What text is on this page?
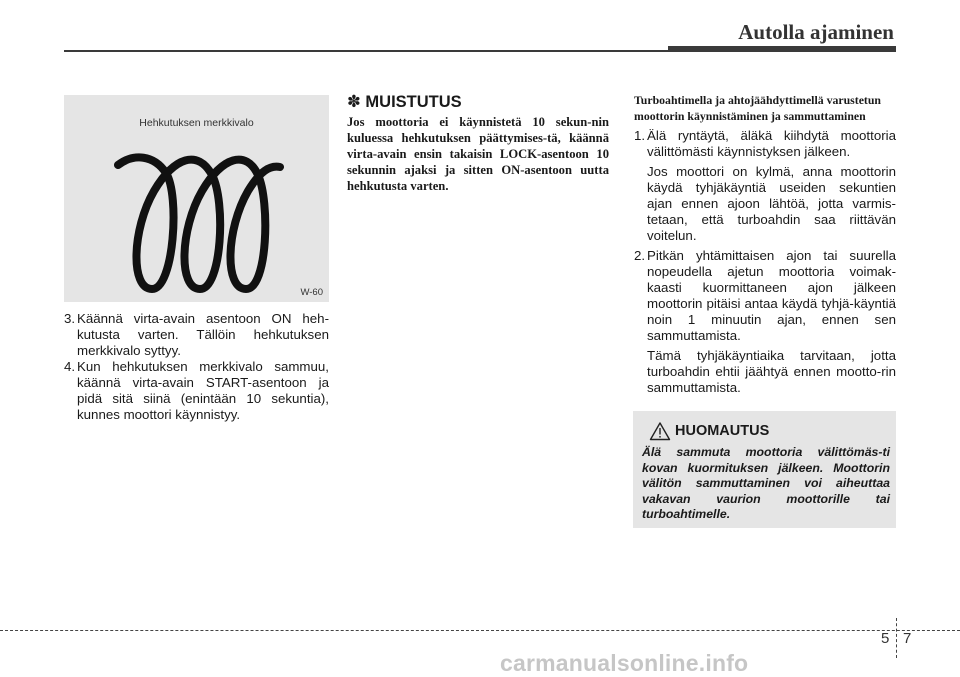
Autolla ajaminen
Hehkutuksen merkkivalo
W-60
3. Käännä virta-avain asentoon ON heh-kutusta varten. Tällöin hehkutuksen merkkivalo syttyy.
4. Kun hehkutuksen merkkivalo sammuu, käännä virta-avain START-asentoon ja pidä sitä siinä (enintään 10 sekuntia), kunnes moottori käynnistyy.
✽ MUISTUTUS
Jos moottoria ei käynnistetä 10 sekun-nin kuluessa hehkutuksen päättymises-tä, käännä virta-avain ensin takaisin LOCK-asentoon 10 sekunnin ajaksi ja sitten ON-asentoon uutta hehkutusta varten.
Turboahtimella ja ahtojäähdyttimellä varustetun moottorin käynnistäminen ja sammuttaminen
1. Älä ryntäytä, äläkä kiihdytä moottoria välittömästi käynnistyksen jälkeen.
Jos moottori on kylmä, anna moottorin käydä tyhjäkäyntiä useiden sekuntien ajan ennen ajoon lähtöä, jotta varmis-tetaan, että turboahdin saa riittävän voitelun.
2. Pitkän yhtämittaisen ajon tai suurella nopeudella ajetun moottoria voimak-kaasti kuormittaneen ajon jälkeen moottorin pitäisi antaa käydä tyhjä-käyntiä noin 1 minuutin ajan, ennen sen sammuttamista.
Tämä tyhjäkäyntiaika tarvitaan, jotta turboahdin ehtii jäähtyä ennen mootto-rin sammuttamista.
HUOMAUTUS
Älä sammuta moottoria välittömäs-ti kovan kuormituksen jälkeen. Moottorin välitön sammuttaminen voi aiheuttaa vakavan vaurion moottorille tai turboahtimelle.
5 7
carmanualsonline.info
